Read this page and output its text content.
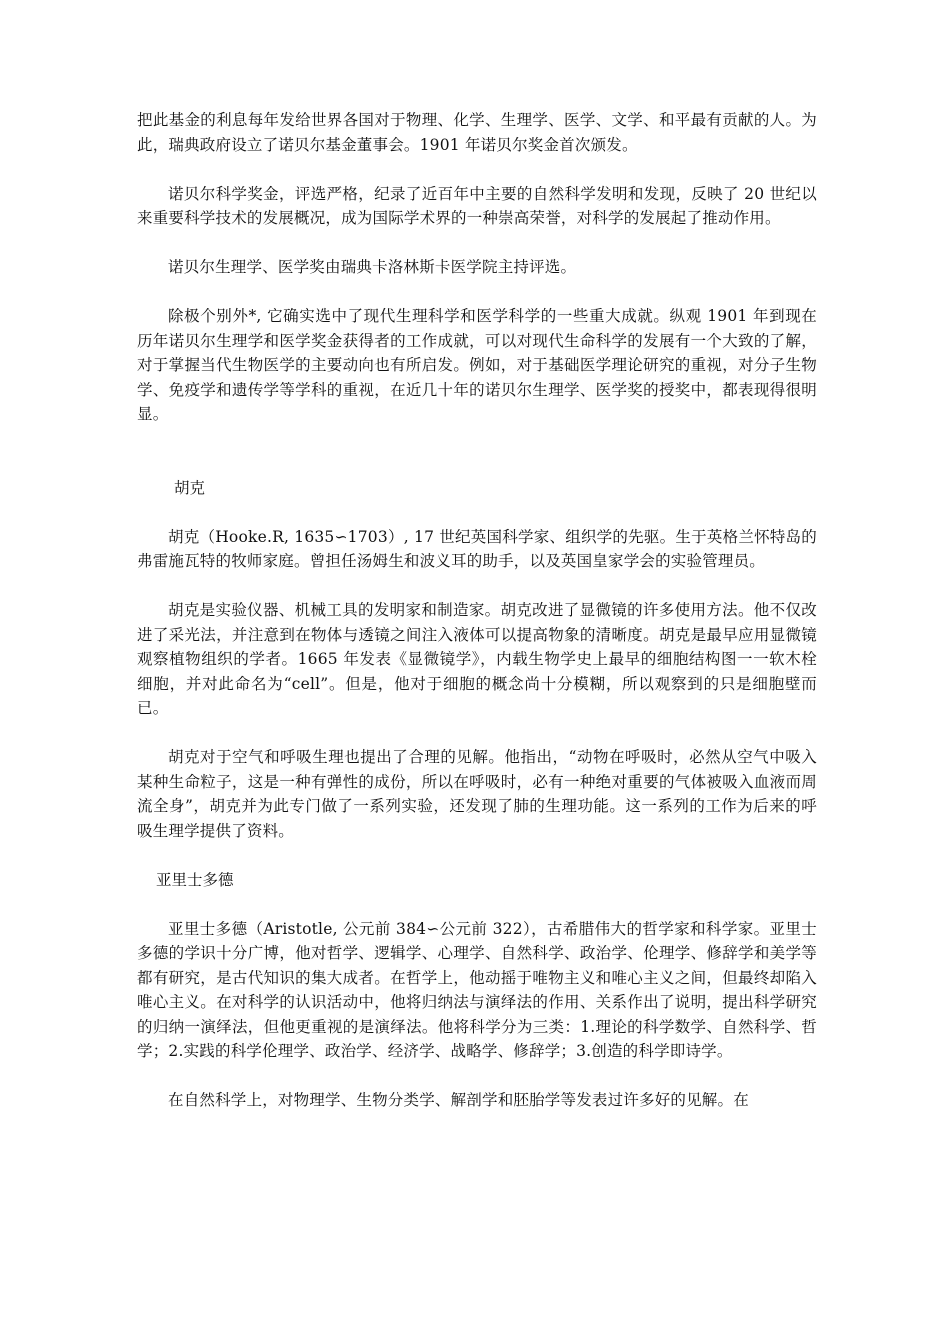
把此基金的利息每年发给世界各国对于物理、化学、生理学、医学、文学、和平最有贡献的人。为此，瑞典政府设立了诺贝尔基金董事会。1901 年诺贝尔奖金首次颁发。

诺贝尔科学奖金，评选严格，纪录了近百年中主要的自然科学发明和发现，反映了 20 世纪以来重要科学技术的发展概况，成为国际学术界的一种崇高荣誉，对科学的发展起了推动作用。

诺贝尔生理学、医学奖由瑞典卡洛林斯卡医学院主持评选。

除极个别外*, 它确实选中了现代生理科学和医学科学的一些重大成就。纵观 1901 年到现在历年诺贝尔生理学和医学奖金获得者的工作成就，可以对现代生命科学的发展有一个大致的了解，对于掌握当代生物医学的主要动向也有所启发。例如，对于基础医学理论研究的重视，对分子生物学、免疫学和遗传学等学科的重视，在近几十年的诺贝尔生理学、医学奖的授奖中，都表现得很明显。

胡克

胡克（Hooke.R, 1635∽1703）, 17 世纪英国科学家、组织学的先驱。生于英格兰怀特岛的弗雷施瓦特的牧师家庭。曾担任汤姆生和波义耳的助手，以及英国皇家学会的实验管理员。

胡克是实验仪器、机械工具的发明家和制造家。胡克改进了显微镜的许多使用方法。他不仅改进了采光法，并注意到在物体与透镜之间注入液体可以提高物象的清晰度。胡克是最早应用显微镜观察植物组织的学者。1665 年发表《显微镜学》，内载生物学史上最早的细胞结构图一一软木栓细胞，并对此命名为“cell”。但是，他对于细胞的概念尚十分模糊，所以观察到的只是细胞壁而已。

胡克对于空气和呼吸生理也提出了合理的见解。他指出，“动物在呼吸时，必然从空气中吸入某种生命粒子，这是一种有弹性的成份，所以在呼吸时，必有一种绝对重要的气体被吸入血液而周流全身”，胡克并为此专门做了一系列实验，还发现了肺的生理功能。这一系列的工作为后来的呼吸生理学提供了资料。

亚里士多德

亚里士多德（Aristotle, 公元前 384∽公元前 322），古希腊伟大的哲学家和科学家。亚里士多德的学识十分广博，他对哲学、逻辑学、心理学、自然科学、政治学、伦理学、修辞学和美学等都有研究，是古代知识的集大成者。在哲学上，他动摇于唯物主义和唯心主义之间，但最终却陷入唯心主义。在对科学的认识活动中，他将归纳法与演绎法的作用、关系作出了说明，提出科学研究的归纳一演绎法，但他更重视的是演绎法。他将科学分为三类：1.理论的科学数学、自然科学、哲学；2.实践的科学伦理学、政治学、经济学、战略学、修辞学；3.创造的科学即诗学。

在自然科学上，对物理学、生物分类学、解剖学和胚胎学等发表过许多好的见解。在
